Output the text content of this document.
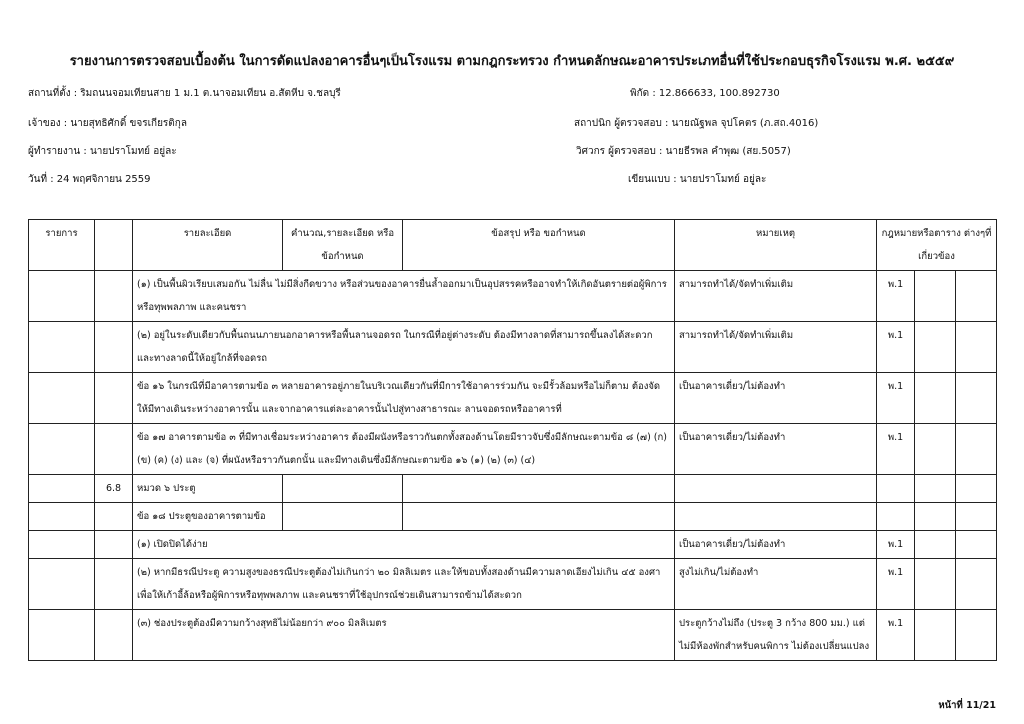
รายงานการตรวจสอบเบื้องต้น ในการดัดแปลงอาคารอื่นๆเป็นโรงแรม ตามกฎกระทรวง กำหนดลักษณะอาคารประเภทอื่นที่ใช้ประกอบธุรกิจโรงแรม พ.ศ. ๒๕๕๙
สถานที่ตั้ง : ริมถนนจอมเทียนสาย 1 ม.1 ต.นาจอมเทียน อ.สัตหีบ จ.ชลบุรี	พิกัด : 12.866633, 100.892730
เจ้าของ : นายสุทธิศักดิ์ ขจรเกียรติกุล	สถาปนิก ผู้ตรวจสอบ : นายณัฐพล จุปโคตร (ภ.สถ.4016)
ผู้ทำรายงาน : นายปราโมทย์ อยู่ละ	วิศวกร ผู้ตรวจสอบ : นายธีรพล คำพุฒ (สย.5057)
วันที่ : 24 พฤศจิกายน 2559	เขียนแบบ : นายปราโมทย์ อยู่ละ
รายการ		รายละเอียด	คำนวณ,รายละเอียด หรือ ข้อกำหนด	ข้อสรุป หรือ ขอกำหนด	หมายเหตุ	กฎหมายหรือตาราง ต่างๆที่เกี่ยวข้อง		
		(๑) เป็นพื้นผิวเรียบเสมอกัน ไม่ลื่น ไม่มีสิ่งกีดขวาง หรือส่วนของอาคารยื่นล้ำออกมาเป็นอุปสรรคหรืออาจทำให้เกิดอันตรายต่อผู้พิการหรือทุพพลภาพ และคนชรา			สามารถทำได้/จัดทำเพิ่มเติม	พ.1		
		(๒) อยู่ในระดับเดียวกับพื้นถนนภายนอกอาคารหรือพื้นลานจอดรถ ในกรณีที่อยู่ต่างระดับ ต้องมีทางลาดที่สามารถขึ้นลงได้สะดวก และทางลาดนี้ให้อยู่ใกล้ที่จอดรถ			สามารถทำได้/จัดทำเพิ่มเติม	พ.1		
		ข้อ ๑๖ ในกรณีที่มีอาคารตามข้อ ๓ หลายอาคารอยู่ภายในบริเวณเดียวกันที่มีการใช้อาคารร่วมกัน จะมีรั้วล้อมหรือไม่ก็ตาม ต้องจัดให้มีทางเดินระหว่างอาคารนั้น และจากอาคารแต่ละอาคารนั้นไปสู่ทางสาธารณะ ลานจอดรถหรืออาคารที่			เป็นอาคารเดี่ยว/ไม่ต้องทำ	พ.1		
		ข้อ ๑๗ อาคารตามข้อ ๓ ที่มีทางเชื่อมระหว่างอาคาร ต้องมีผนังหรือราวกันตกทั้งสองด้านโดยมีราวจับซึ่งมีลักษณะตามข้อ ๘ (๗) (ก) (ข) (ค) (ง) และ (จ) ที่ผนังหรือราวกันตกนั้น และมีทางเดินซึ่งมีลักษณะตามข้อ ๑๖ (๑) (๒) (๓) (๔)			เป็นอาคารเดี่ยว/ไม่ต้องทำ	พ.1		
	6.8	หมวด ๖ ประตู						
		ข้อ ๑๘ ประตูของอาคารตามข้อ						
		(๑) เปิดปิดได้ง่าย			เป็นอาคารเดี่ยว/ไม่ต้องทำ	พ.1		
		(๒) หากมีธรณีประตู ความสูงของธรณีประตูต้องไม่เกินกว่า ๒๐ มิลลิเมตร และให้ขอบทั้งสองด้านมีความลาดเอียงไม่เกิน ๔๕ องศา เพื่อให้เก้าอี้ล้อหรือผู้พิการหรือทุพพลภาพ และคนชราที่ใช้อุปกรณ์ช่วยเดินสามารถข้ามได้สะดวก			สูงไม่เกิน/ไม่ต้องทำ	พ.1		
		(๓) ช่องประตูต้องมีความกว้างสุทธิไม่น้อยกว่า ๙๐๐ มิลลิเมตร			ประตูกว้างไม่ถึง (ประตู 3 กว้าง 800 มม.) แต่ไม่มีห้องพักสำหรับคนพิการ ไม่ต้องเปลี่ยนแปลง	พ.1		
หน้าที่ 11/21
